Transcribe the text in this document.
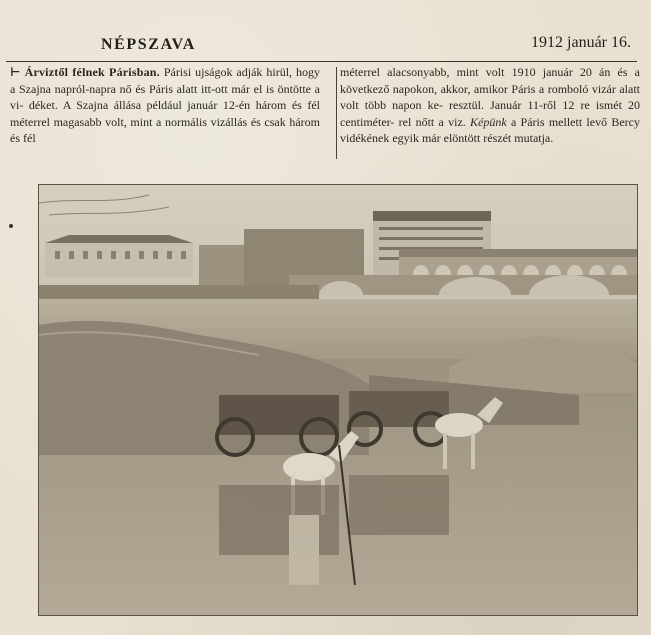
NÉPSZAVA	1912 január 16.

⊢ Árviztől félnek Párisban. Párisi ujságok adják hirül, hogy a Szajna napról-napra nő és Páris alatt itt-ott már el is öntötte a vi- déket. A Szajna állása például január 12-én három és fél méterrel magasabb volt, mint a normális vizállás és csak három és fél

méterrel alacsonyabb, mint volt 1910 január 20 án és a következő napokon, akkor, amikor Páris a romboló vizár alatt volt több napon ke- resztül. Január 11-ről 12 re ismét 20 centiméter- rel nőtt a viz. Képünk a Páris mellett levő Bercy vidékének egyik már elöntött részét mutatja.
